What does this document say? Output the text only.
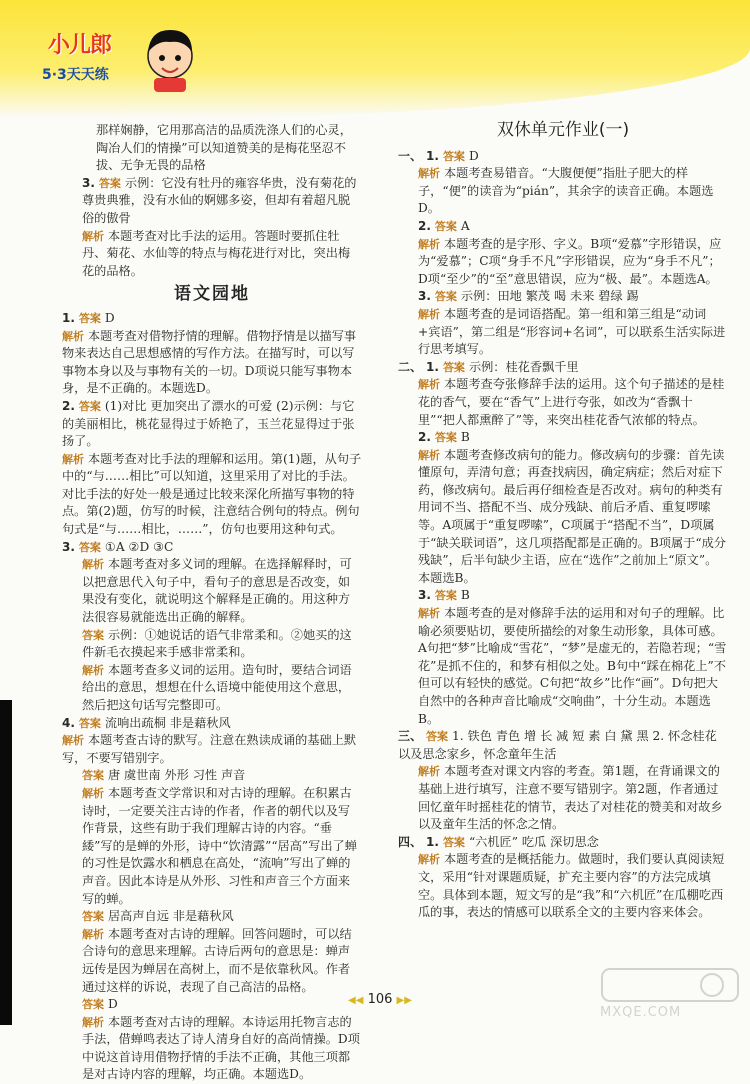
小儿郎
5·3天天练

那样娴静，它用那高洁的品质洗涤人们的心灵，陶冶人们的情操”可以知道赞美的是梅花坚忍不拔、无争无畏的品格

3. 答案 示例：它没有牡丹的雍容华贵，没有菊花的尊贵典雅，没有水仙的婀娜多姿，但却有着超凡脱俗的傲骨

解析 本题考查对比手法的运用。答题时要抓住牡丹、菊花、水仙等的特点与梅花进行对比，突出梅花的品格。

语文园地

1. 答案 D

解析 本题考查对借物抒情的理解。借物抒情是以描写事物来表达自己思想感情的写作方法。在描写时，可以写事物本身以及与事物有关的一切。D项说只能写事物本身，是不正确的。本题选D。

2. 答案 (1)对比 更加突出了漂水的可爱 (2)示例：与它的美丽相比，桃花显得过于娇艳了，玉兰花显得过于张扬了。

解析 本题考查对比手法的理解和运用。第(1)题，从句子中的“与……相比”可以知道，这里采用了对比的手法。对比手法的好处一般是通过比较来深化所描写事物的特点。第(2)题，仿写的时候，注意结合例句的特点。例句句式是“与……相比，……”，仿句也要用这种句式。

3. 答案 ①A ②D ③C

解析 本题考查对多义词的理解。在选择解释时，可以把意思代入句子中，看句子的意思是否改变，如果没有变化，就说明这个解释是正确的。用这种方法很容易就能选出正确的解释。

答案 示例：①她说话的语气非常柔和。②她买的这件新毛衣摸起来手感非常柔和。

解析 本题考查多义词的运用。造句时，要结合词语给出的意思，想想在什么语境中能使用这个意思，然后把这句话写完整即可。

4. 答案 流响出疏桐 非是藉秋风

解析 本题考查古诗的默写。注意在熟读成诵的基础上默写，不要写错别字。

答案 唐 虞世南 外形 习性 声音

解析 本题考查文学常识和对古诗的理解。在积累古诗时，一定要关注古诗的作者，作者的朝代以及写作背景，这些有助于我们理解古诗的内容。“垂緌”写的是蝉的外形，诗中“饮清露”“居高”写出了蝉的习性是饮露水和栖息在高处，“流响”写出了蝉的声音。因此本诗是从外形、习性和声音三个方面来写的蝉。

答案 居高声自远 非是藉秋风

解析 本题考查对古诗的理解。回答问题时，可以结合诗句的意思来理解。古诗后两句的意思是：蝉声远传是因为蝉居在高树上，而不是依靠秋风。作者通过这样的诉说，表现了自己高洁的品格。

答案 D

解析 本题考查对古诗的理解。本诗运用托物言志的手法，借蝉鸣表达了诗人清身自好的高尚情操。D项中说这首诗用借物抒情的手法不正确，其他三项都是对古诗内容的理解，均正确。本题选D。

双休单元作业(一)

一、 1. 答案 D

解析 本题考查易错音。“大腹便便”指肚子肥大的样子，“便”的读音为“pián”，其余字的读音正确。本题选D。

2. 答案 A

解析 本题考查的是字形、字义。B项“爱慕”字形错误，应为“爱慕”；C项“身手不凡”字形错误，应为“身手不凡”；D项“至少”的“至”意思错误，应为“极、最”。本题选A。

3. 答案 示例：田地 繁茂 喝 未来 碧绿 踢

解析 本题考查的是词语搭配。第一组和第三组是“动词+宾语”，第二组是“形容词+名词”，可以联系生活实际进行思考填写。

二、 1. 答案 示例：桂花香飘千里

解析 本题考查夸张修辞手法的运用。这个句子描述的是桂花的香气，要在“香气”上进行夸张，如改为“香飘十里”“把人都熏醉了”等，来突出桂花香气浓郁的特点。

2. 答案 B

解析 本题考查修改病句的能力。修改病句的步骤：首先读懂原句，弄清句意；再查找病因，确定病症；然后对症下药，修改病句。最后再仔细检查是否改对。病句的种类有用词不当、搭配不当、成分残缺、前后矛盾、重复啰嗦等。A项属于“重复啰嗦”，C项属于“搭配不当”，D项属于“缺关联词语”，这几项搭配都是正确的。B项属于“成分残缺”，后半句缺少主语，应在“选作”之前加上“原文”。本题选B。

3. 答案 B

解析 本题考查的是对修辞手法的运用和对句子的理解。比喻必须要贴切，要使所描绘的对象生动形象，具体可感。A句把“梦”比喻成“雪花”，“梦”是虚无的，若隐若现；“雪花”是抓不住的，和梦有相似之处。B句中“踩在棉花上”不但可以有轻快的感觉。C句把“故乡”比作“画”。D句把大自然中的各种声音比喻成“交响曲”，十分生动。本题选B。

三、 答案 1. 铁色 青色 增 长 减 短 素 白 黛 黑 2. 怀念桂花以及思念家乡，怀念童年生活

解析 本题考查对课文内容的考查。第1题，在背诵课文的基础上进行填写，注意不要写错别字。第2题，作者通过回忆童年时摇桂花的情节，表达了对桂花的赞美和对故乡以及童年生活的怀念之情。

四、 1. 答案 “六机匠” 吃瓜 深切思念

解析 本题考查的是概括能力。做题时，我们要认真阅读短文，采用“针对课题质疑，扩充主要内容”的方法完成填空。具体到本题，短文写的是“我”和“六机匠”在瓜棚吃西瓜的事，表达的情感可以联系全文的主要内容来体会。

◀◀ 106 ▶▶
MXQE.COM
